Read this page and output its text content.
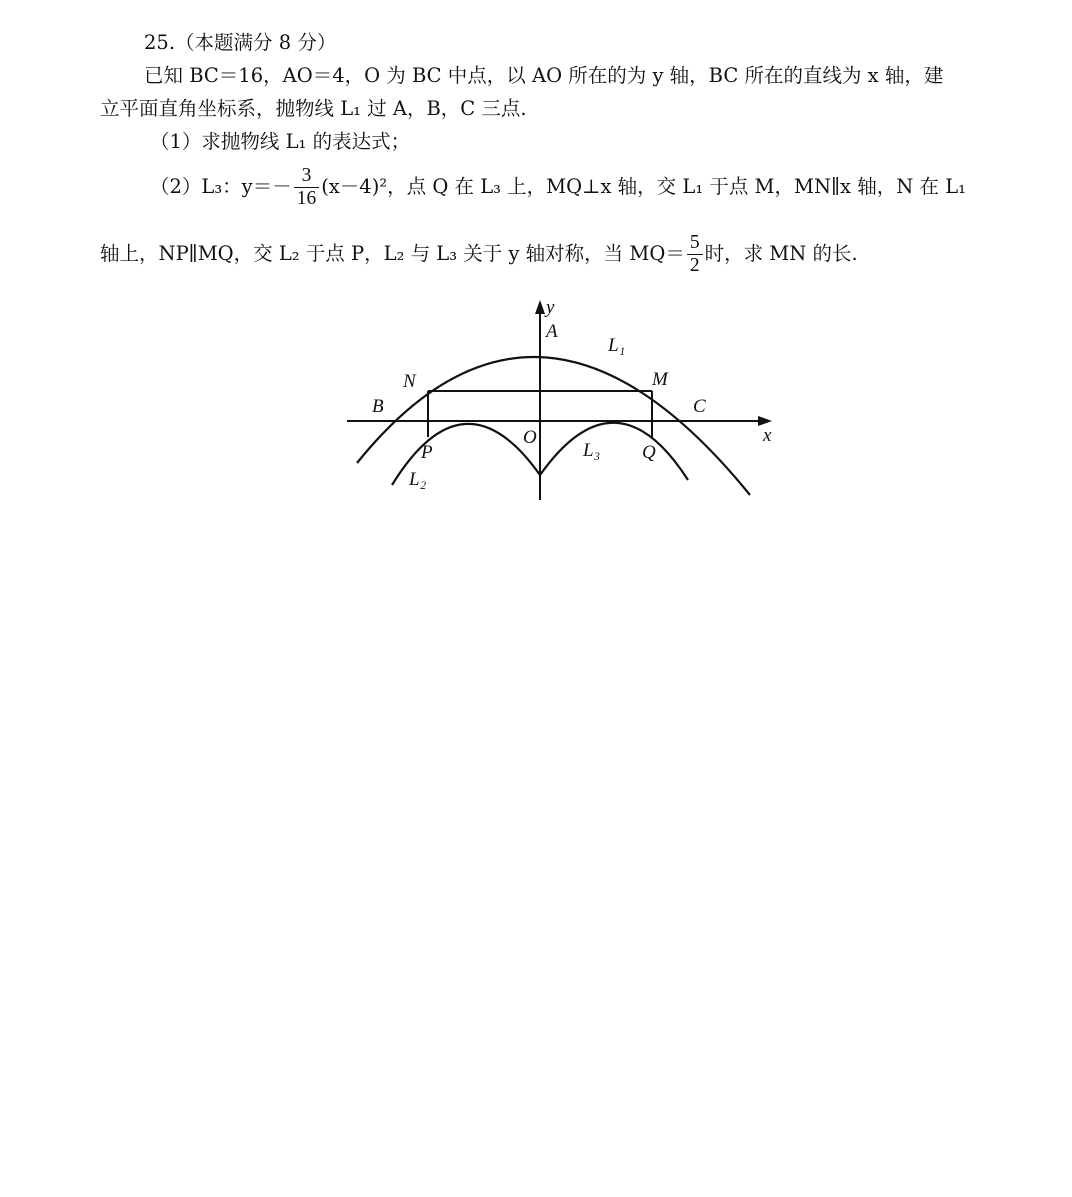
25.（本题满分 8 分）
已知 BC＝16，AO＝4，O 为 BC 中点，以 AO 所在的为 y 轴，BC 所在的直线为 x 轴，建
立平面直角坐标系，抛物线 L₁ 过 A，B，C 三点.
（1）求抛物线 L₁ 的表达式；
（2）L₃：$y=- \frac{3}{16} (x-4)^2$，点 Q 在 L₃ 上，MQ⊥x 轴，交 L₁ 于点 M，MN∥x 轴，N 在 L₁
轴上，NP∥MQ，交 L₂ 于点 P，L₂ 与 L₃ 关于 y 轴对称，当 $MQ= \frac{5}{2}$ 时，求 MN 的长.
y
A
L₁
N	M
B	C
x
O
P	Q
L₃
L₂
